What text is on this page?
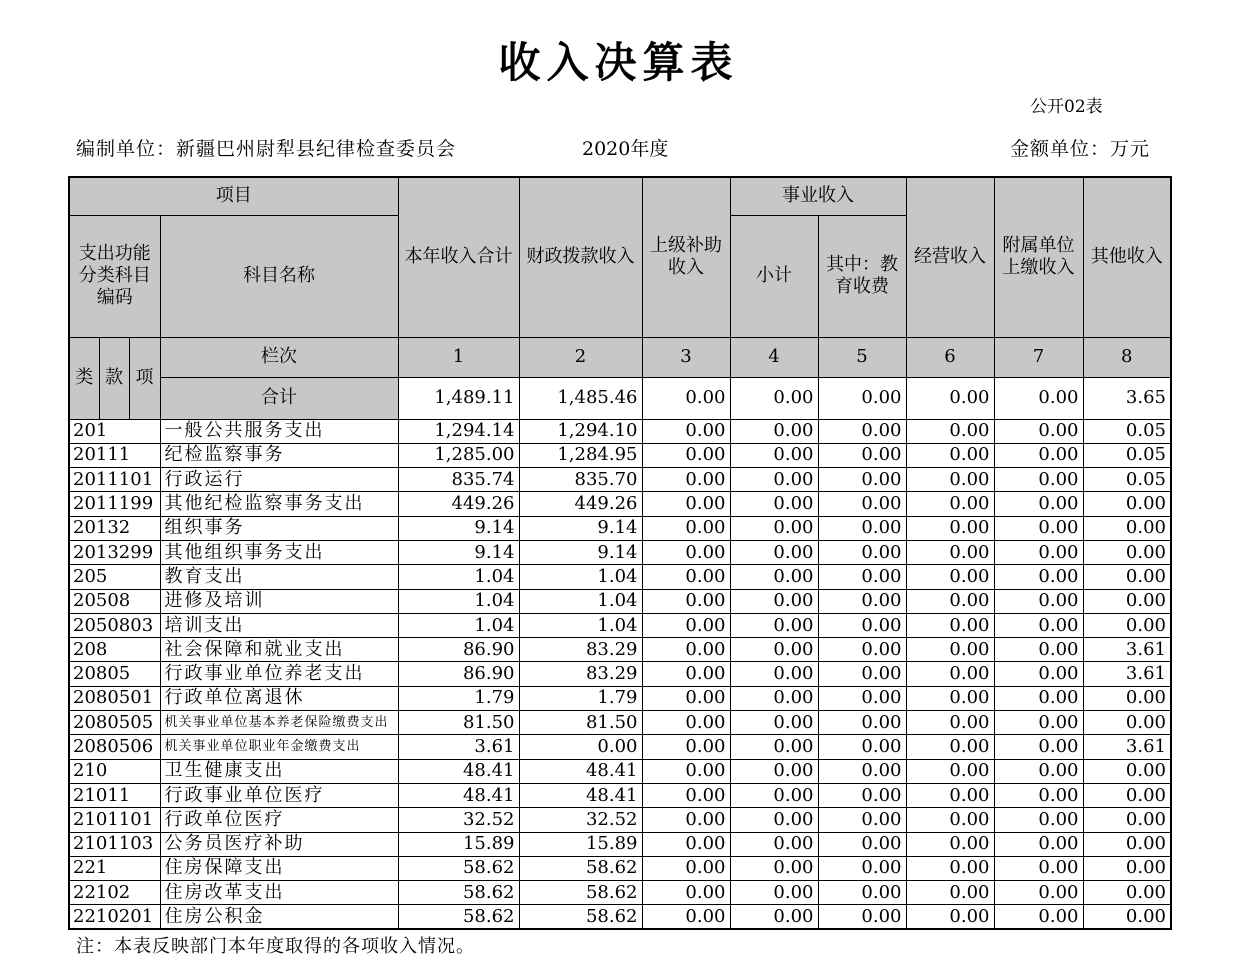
收入决算表
公开02表
编制单位：新疆巴州尉犁县纪律检查委员会	2020年度	金额单位：万元
项目				本年收入合计	财政拨款收入	上级补助收入	事业收入		经营收入	附属单位上缴收入	其他收入
支出功能分类科目编码			科目名称				小计	其中：教育收费			
类	款	项	栏次	1	2	3	4	5	6	7	8
			合计	1,489.11	1,485.46	0.00	0.00	0.00	0.00	0.00	3.65
201			一般公共服务支出	1,294.14	1,294.10	0.00	0.00	0.00	0.00	0.00	0.05
20111			纪检监察事务	1,285.00	1,284.95	0.00	0.00	0.00	0.00	0.00	0.05
2011101			行政运行	835.74	835.70	0.00	0.00	0.00	0.00	0.00	0.05
2011199			其他纪检监察事务支出	449.26	449.26	0.00	0.00	0.00	0.00	0.00	0.00
20132			组织事务	9.14	9.14	0.00	0.00	0.00	0.00	0.00	0.00
2013299			其他组织事务支出	9.14	9.14	0.00	0.00	0.00	0.00	0.00	0.00
205			教育支出	1.04	1.04	0.00	0.00	0.00	0.00	0.00	0.00
20508			进修及培训	1.04	1.04	0.00	0.00	0.00	0.00	0.00	0.00
2050803			培训支出	1.04	1.04	0.00	0.00	0.00	0.00	0.00	0.00
208			社会保障和就业支出	86.90	83.29	0.00	0.00	0.00	0.00	0.00	3.61
20805			行政事业单位养老支出	86.90	83.29	0.00	0.00	0.00	0.00	0.00	3.61
2080501			行政单位离退休	1.79	1.79	0.00	0.00	0.00	0.00	0.00	0.00
2080505			机关事业单位基本养老保险缴费支出	81.50	81.50	0.00	0.00	0.00	0.00	0.00	0.00
2080506			机关事业单位职业年金缴费支出	3.61	0.00	0.00	0.00	0.00	0.00	0.00	3.61
210			卫生健康支出	48.41	48.41	0.00	0.00	0.00	0.00	0.00	0.00
21011			行政事业单位医疗	48.41	48.41	0.00	0.00	0.00	0.00	0.00	0.00
2101101			行政单位医疗	32.52	32.52	0.00	0.00	0.00	0.00	0.00	0.00
2101103			公务员医疗补助	15.89	15.89	0.00	0.00	0.00	0.00	0.00	0.00
221			住房保障支出	58.62	58.62	0.00	0.00	0.00	0.00	0.00	0.00
22102			住房改革支出	58.62	58.62	0.00	0.00	0.00	0.00	0.00	0.00
2210201			住房公积金	58.62	58.62	0.00	0.00	0.00	0.00	0.00	0.00
注：本表反映部门本年度取得的各项收入情况。
